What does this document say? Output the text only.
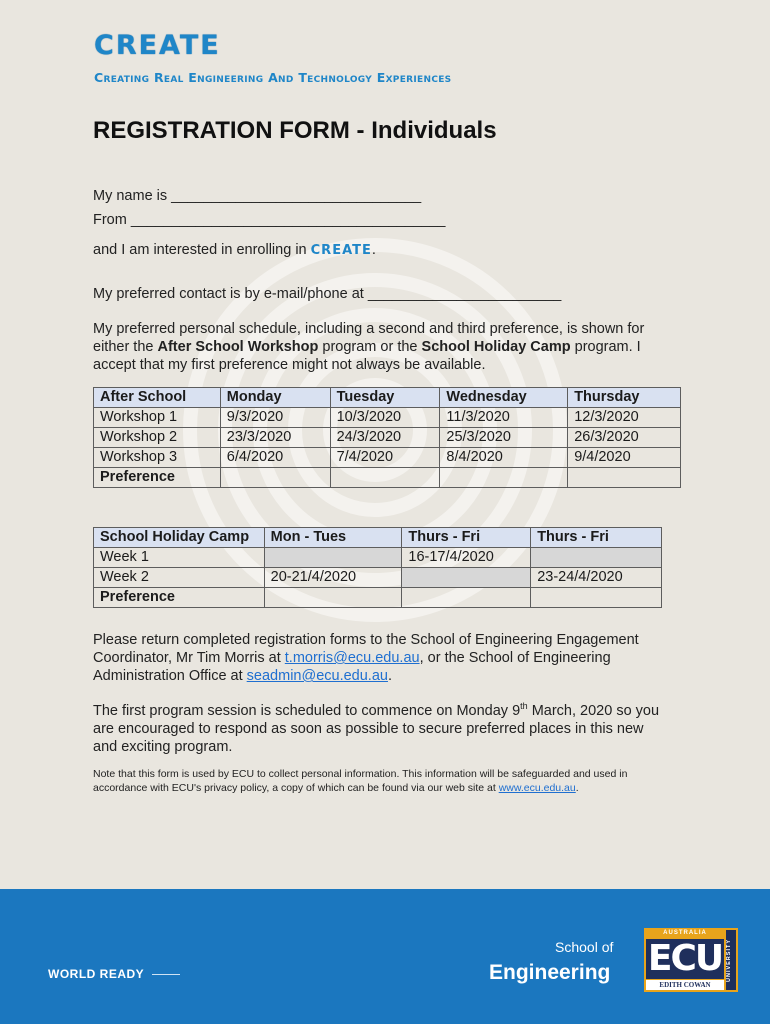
CREATE
Creating Real Engineering And Technology Experiences
REGISTRATION FORM - Individuals
My name is _______________________________
From _______________________________________
and I am interested in enrolling in CREATE.
My preferred contact is by e-mail/phone at ________________________
My preferred personal schedule, including a second and third preference, is shown for either the After School Workshop program or the School Holiday Camp program. I accept that my first preference might not always be available.
After School	Monday	Tuesday	Wednesday	Thursday
Workshop 1	9/3/2020	10/3/2020	11/3/2020	12/3/2020
Workshop 2	23/3/2020	24/3/2020	25/3/2020	26/3/2020
Workshop 3	6/4/2020	7/4/2020	8/4/2020	9/4/2020
Preference				
School Holiday Camp	Mon - Tues	Thurs - Fri	Thurs - Fri
Week 1		16-17/4/2020	
Week 2	20-21/4/2020		23-24/4/2020
Preference			
Please return completed registration forms to the School of Engineering Engagement Coordinator, Mr Tim Morris at t.morris@ecu.edu.au, or the School of Engineering Administration Office at seadmin@ecu.edu.au.
The first program session is scheduled to commence on Monday 9th March, 2020 so you are encouraged to respond as soon as possible to secure preferred places in this new and exciting program.
Note that this form is used by ECU to collect personal information. This information will be safeguarded and used in accordance with ECU's privacy policy, a copy of which can be found via our web site at www.ecu.edu.au.
WORLD READY
School of
Engineering
AUSTRALIA
ECU
EDITH COWAN
UNIVERSITY
